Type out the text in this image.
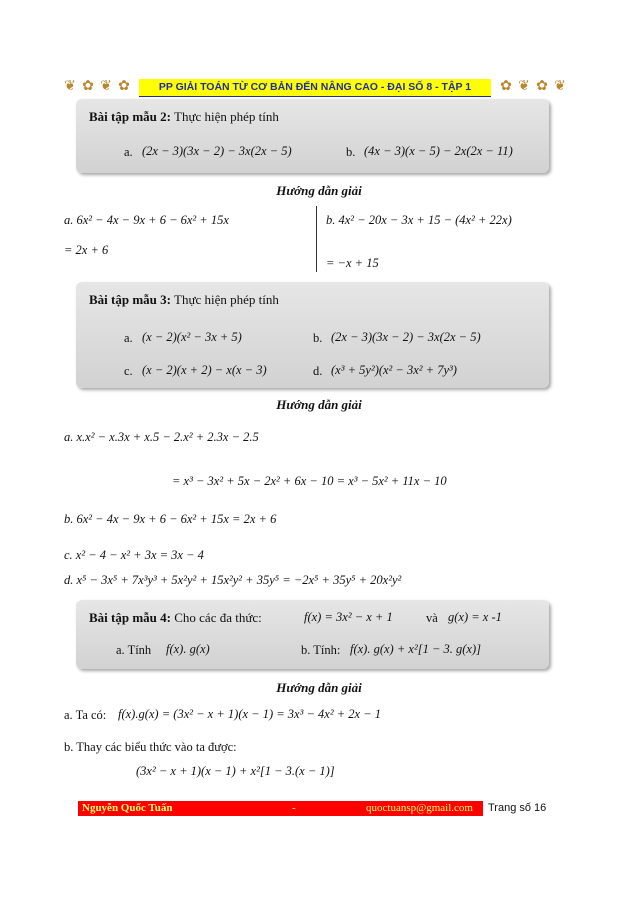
❦ ✿ ❦ ✿	PP GIẢI TOÁN TỪ CƠ BẢN ĐẾN NÂNG CAO - ĐẠI SỐ 8 - TẬP 1	✿ ❦ ✿ ❦
Bài tập mẫu 2: Thực hiện phép tính
a. (2x − 3)(3x − 2) − 3x(2x − 5)	b. (4x − 3)(x − 5) − 2x(2x − 11)
Hướng dẫn giải
a. 6x² − 4x − 9x + 6 − 6x² + 15x
= 2x + 6
b. 4x² − 20x − 3x + 15 − (4x² + 22x)
= −x + 15
Bài tập mẫu 3: Thực hiện phép tính
a. (x − 2)(x² − 3x + 5)	b. (2x − 3)(3x − 2) − 3x(2x − 5)
c. (x − 2)(x + 2) − x(x − 3)	d. (x³ + 5y²)(x² − 3x² + 7y³)
Hướng dẫn giải
a. x.x² − x.3x + x.5 − 2.x² + 2.3x − 2.5
= x³ − 3x² + 5x − 2x² + 6x − 10 = x³ − 5x² + 11x − 10
b. 6x² − 4x − 9x + 6 − 6x² + 15x = 2x + 6
c. x² − 4 − x² + 3x = 3x − 4
d. x⁵ − 3x⁵ + 7x³y³ + 5x²y² + 15x²y² + 35y⁵ = −2x⁵ + 35y⁵ + 20x²y²
Bài tập mẫu 4: Cho các đa thức:	f(x) = 3x² − x + 1	và g(x) = x -1
a. Tính f(x). g(x)	b. Tính: f(x). g(x) + x²[1 − 3. g(x)]
Hướng dẫn giải
a. Ta có: f(x).g(x) = (3x² − x + 1)(x − 1) = 3x³ − 4x² + 2x − 1
b. Thay các biểu thức vào ta được:
(3x² − x + 1)(x − 1) + x²[1 − 3.(x − 1)]
Nguyễn Quốc Tuấn	-	quoctuansp@gmail.com Trang số 16
